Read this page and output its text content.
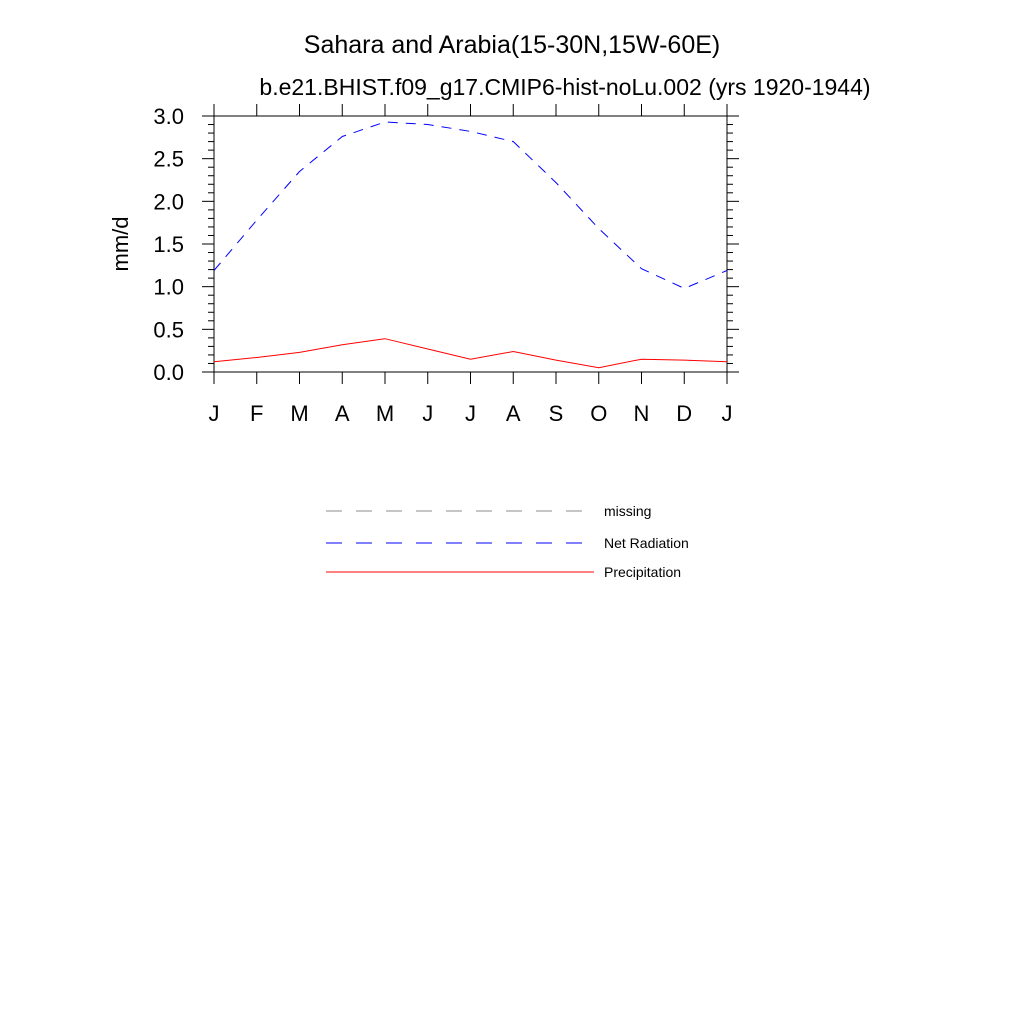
Sahara and Arabia(15-30N,15W-60E)
b.e21.BHIST.f09_g17.CMIP6-hist-noLu.002 (yrs 1920-1944)
mm/d
J F M A M J J A S O N D J
0.0
0.5
1.0
1.5
2.0
2.5
3.0
missing
Net Radiation
Precipitation
